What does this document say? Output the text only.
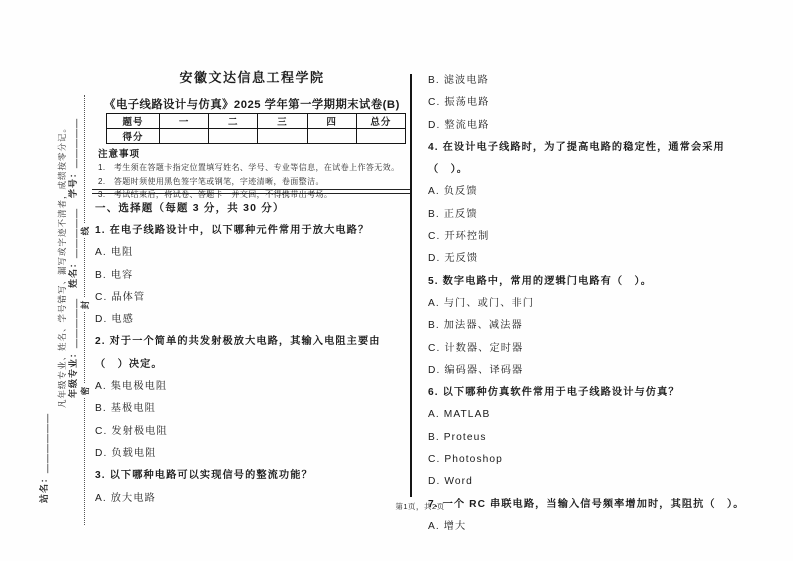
线
封
密
年级专业：＿＿＿＿＿　姓名：＿＿＿＿＿　学号：＿＿＿＿＿
凡年级专业、姓名、学号错写、漏写或字迹不清者，成绩按零分记。
站名：＿＿＿＿＿＿
安徽文达信息工程学院
《电子线路设计与仿真》2025 学年第一学期期末试卷(B)
题号	一	二	三	四	总分
得分					

注意事项

1.　考生须在答题卡指定位置填写姓名、学号、专业等信息，在试卷上作答无效。

2.　答题时须使用黑色签字笔或钢笔，字迹清晰，卷面整洁。

3.　考试结束后，将试卷、答题卡一并交回，不得携带出考场。

一、选择题（每题 3 分，共 30 分）

1. 在电子线路设计中，以下哪种元件常用于放大电路？

A. 电阻

B. 电容

C. 晶体管

D. 电感

2. 对于一个简单的共发射极放大电路，其输入电阻主要由（　）决定。

A. 集电极电阻

B. 基极电阻

C. 发射极电阻

D. 负载电阻

3. 以下哪种电路可以实现信号的整流功能？

A. 放大电路

B. 滤波电路

C. 振荡电路

D. 整流电路

4. 在设计电子线路时，为了提高电路的稳定性，通常会采用（　）。

A. 负反馈

B. 正反馈

C. 开环控制

D. 无反馈

5. 数字电路中，常用的逻辑门电路有（　）。

A. 与门、或门、非门

B. 加法器、减法器

C. 计数器、定时器

D. 编码器、译码器

6. 以下哪种仿真软件常用于电子线路设计与仿真？

A. MATLAB

B. Proteus

C. Photoshop

D. Word

7. 一个 RC 串联电路，当输入信号频率增加时，其阻抗（　）。

A. 增大

第1页，共2页
